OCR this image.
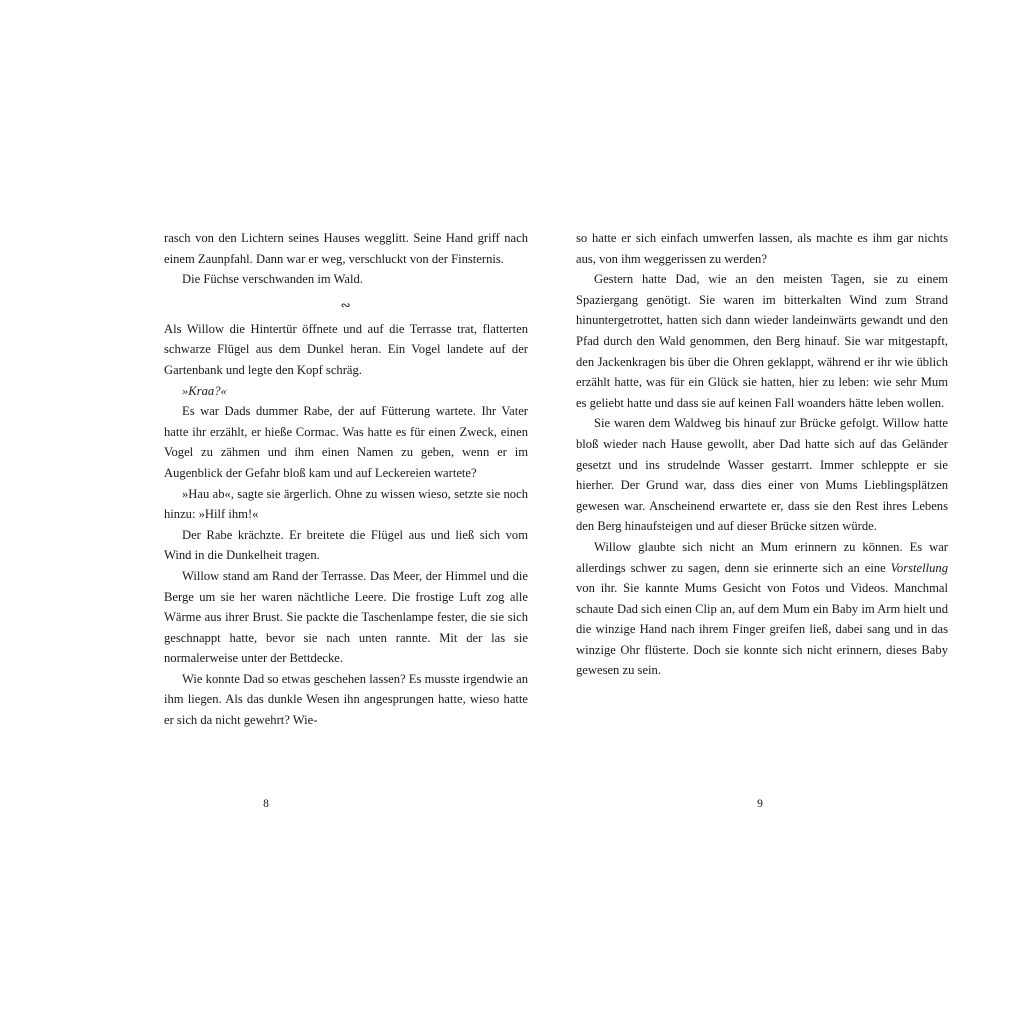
rasch von den Lichtern seines Hauses wegglitt. Seine Hand griff nach einem Zaunpfahl. Dann war er weg, verschluckt von der Finsternis.

Die Füchse verschwanden im Wald.

∾

Als Willow die Hintertür öffnete und auf die Terrasse trat, flatterten schwarze Flügel aus dem Dunkel heran. Ein Vogel landete auf der Gartenbank und legte den Kopf schräg.

»Kraa?«

Es war Dads dummer Rabe, der auf Fütterung wartete. Ihr Vater hatte ihr erzählt, er hieße Cormac. Was hatte es für einen Zweck, einen Vogel zu zähmen und ihm einen Namen zu geben, wenn er im Augenblick der Gefahr bloß kam und auf Leckereien wartete?

»Hau ab«, sagte sie ärgerlich. Ohne zu wissen wieso, setzte sie noch hinzu: »Hilf ihm!«

Der Rabe krächzte. Er breitete die Flügel aus und ließ sich vom Wind in die Dunkelheit tragen.

Willow stand am Rand der Terrasse. Das Meer, der Himmel und die Berge um sie her waren nächtliche Leere. Die frostige Luft zog alle Wärme aus ihrer Brust. Sie packte die Taschenlampe fester, die sie sich geschnappt hatte, bevor sie nach unten rannte. Mit der las sie normalerweise unter der Bettdecke.

Wie konnte Dad so etwas geschehen lassen? Es musste irgendwie an ihm liegen. Als das dunkle Wesen ihn angesprungen hatte, wieso hatte er sich da nicht gewehrt? Wie-

so hatte er sich einfach umwerfen lassen, als machte es ihm gar nichts aus, von ihm weggerissen zu werden?

Gestern hatte Dad, wie an den meisten Tagen, sie zu einem Spaziergang genötigt. Sie waren im bitterkalten Wind zum Strand hinuntergetrottet, hatten sich dann wieder landeinwärts gewandt und den Pfad durch den Wald genommen, den Berg hinauf. Sie war mitgestapft, den Jackenkragen bis über die Ohren geklappt, während er ihr wie üblich erzählt hatte, was für ein Glück sie hatten, hier zu leben: wie sehr Mum es geliebt hatte und dass sie auf keinen Fall woanders hätte leben wollen.

Sie waren dem Waldweg bis hinauf zur Brücke gefolgt. Willow hatte bloß wieder nach Hause gewollt, aber Dad hatte sich auf das Geländer gesetzt und ins strudelnde Wasser gestarrt. Immer schleppte er sie hierher. Der Grund war, dass dies einer von Mums Lieblingsplätzen gewesen war. Anscheinend erwartete er, dass sie den Rest ihres Lebens den Berg hinaufsteigen und auf dieser Brücke sitzen würde.

Willow glaubte sich nicht an Mum erinnern zu können. Es war allerdings schwer zu sagen, denn sie erinnerte sich an eine Vorstellung von ihr. Sie kannte Mums Gesicht von Fotos und Videos. Manchmal schaute Dad sich einen Clip an, auf dem Mum ein Baby im Arm hielt und die winzige Hand nach ihrem Finger greifen ließ, dabei sang und in das winzige Ohr flüsterte. Doch sie konnte sich nicht erinnern, dieses Baby gewesen zu sein.

8	9
